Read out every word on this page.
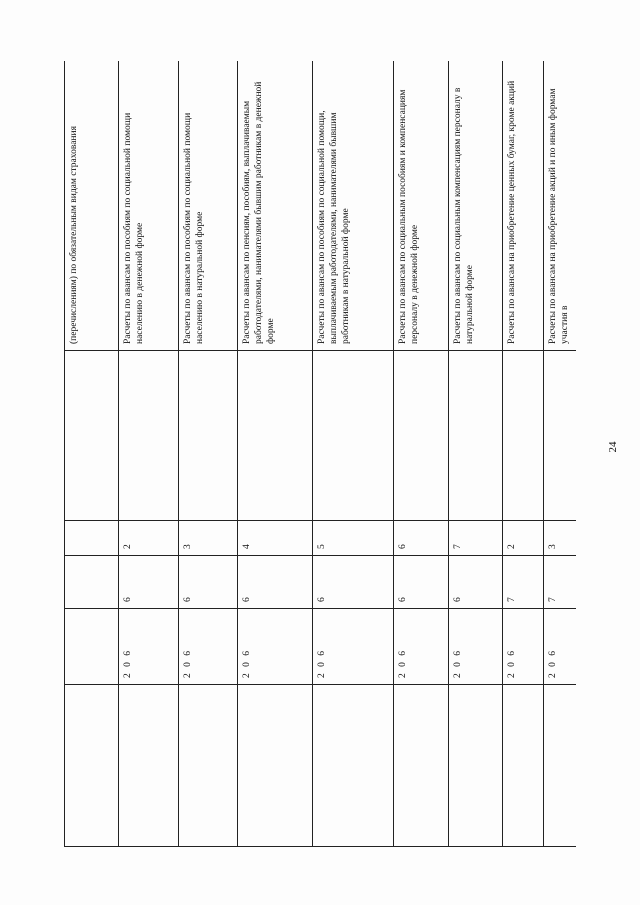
24
					(перечислениям) по обязательным видам страхования
	2 0 6	6	2		Расчеты по авансам по пособиям по социальной помощи населению в денежной форме
	2 0 6	6	3		Расчеты по авансам по пособиям по социальной помощи населению в натуральной форме
	2 0 6	6	4		Расчеты по авансам по пенсиям, пособиям, выплачиваемым работодателями, нанимателями бывшим работникам в денежной форме
	2 0 6	6	5		Расчеты по авансам по пособиям по социальной помощи, выплачиваемым работодателями, нанимателями бывшим работникам в натуральной форме
	2 0 6	6	6		Расчеты по авансам по социальным пособиям и компенсациям персоналу в денежной форме
	2 0 6	6	7		Расчеты по авансам по социальным компенсациям персоналу в натуральной форме
	2 0 6	7	2		Расчеты по авансам на приобретение ценных бумаг, кроме акций
	2 0 6	7	3		Расчеты по авансам на приобретение акций и по иным формам участия в
